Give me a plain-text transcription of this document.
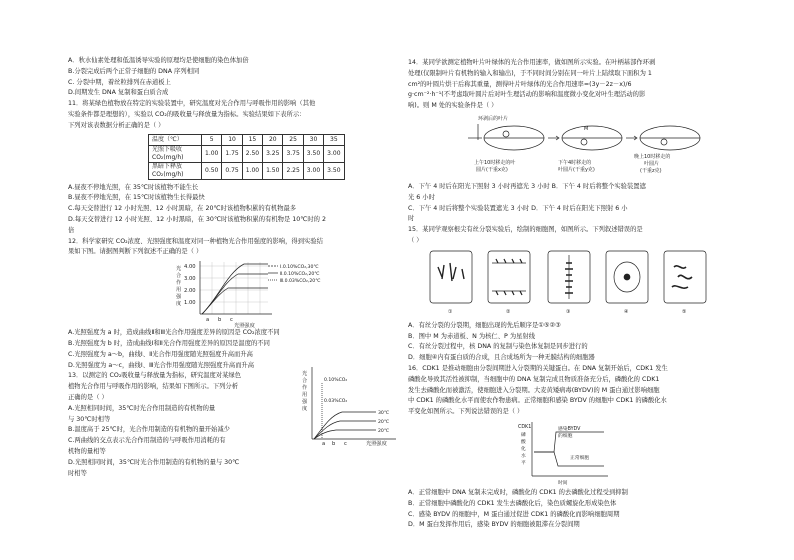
A．秋水仙素处理和低温诱导实验的原理均是使细胞的染色体加倍
B.分裂完成后两个正常子细胞的 DNA 序列相同
C. 分裂中期，着丝粒排列在赤道板上
D.间期发生 DNA 复制和蛋白质合成
11．将某绿色植物放在特定的实验装置中，研究温度对光合作用与呼吸作用的影响（其他
实验条件都是理想的），实验以 CO₂的吸收量与释放量为指标。实验结果如下表所示：
下列对该表数据分析正确的是（ ）
温度（℃）	5	10	15	20	25	30	35

光照下吸收
CO₂(mg/h)	1.00	1.75	2.50	3.25	3.75	3.50	3.00

黑暗下释放
CO₂(mg/h)	0.50	0.75	1.00	1.50	2.25	3.00	3.50
A.昼夜不停地光照，在 35℃时该植物不能生长
B.昼夜不停地光照，在 15℃时该植物生长得最快
C.每天交替进行 12 小时光照、12 小时黑暗，在 20℃时该植物积累的有机物最多
D.每天交替进行 12 小时光照、12 小时黑暗，在 30℃时该植物积累的有机物是 10℃时的 2
倍
12．科学家研究 CO₂浓度、光照强度和温度对同一种植物光合作用强度的影响，得到实验结
果如下图。请据图判断下列叙述不正确的是（ ）
光
合
作
用
强
度
4.00
3.00
2.00
1.00
a b c
光照强度
Ⅰ.0.10%CO₂,30℃
Ⅱ.0.10%CO₂,20℃
Ⅲ.0.03%CO₂,20℃
A.光照强度为 a 时，造成曲线Ⅱ和Ⅲ光合作用强度差异的原因是 CO₂浓度不同
B.光照强度为 b 时，造成曲线Ⅰ和Ⅱ光合作用强度差异的原因是温度的不同
C.光照强度为 a～b，曲线Ⅰ、Ⅱ光合作用强度随光照强度升高而升高
D.光照强度为 a～c，曲线Ⅰ、Ⅲ光合作用强度随光照强度升高而升高
13．以测定的 CO₂吸收量与释放量为指标，研究温度对某绿色
植物光合作用与呼吸作用的影响，结果如下图所示。下列分析
正确的是（ ）
A.光照相同时间，35℃时光合作用制造的有机物的量
与 30℃时相等
B.温度高于 25℃时，光合作用制造的有机物的量开始减少
C.两曲线的交点表示光合作用制造的与呼吸作用消耗的有
机物的量相等
D.光照相同时间，35℃时光合作用制造的有机物的量与 30℃
时相等
光
合
作
用
强
度
a b c	光照强度
0.10%CO₂
0.03%CO₂
30℃
20℃
20℃
14．某同学欲测定植物叶片叶绿体的光合作用速率，做如图所示实验。在叶柄基部作环剥
处理(仅限制叶片有机物的输入和输出)，于不同时间分别在同一叶片上陆续取下面积为 1
cm²的叶圆片烘干后称其重量，测得叶片叶绿体的光合作用速率=(3y－2z－x)/6
g·cm⁻²·h⁻¹(不考虑取叶圆片后对叶生理活动的影响和温度微小变化对叶生理活动的影
响)。则 M 处的实验条件是（ ）
环剥后的叶片
M
上午10时移走的叶
圆片(干重x克)
下午4时移走的
叶圆片(干重y克)
晚上10时移走的
叶圆片
(干重z克)
A．下午 4 时后在阳光下照射 3 小时再遮光 3 小时 B．下午 4 时后将整个实验装置遮
光 6 小时
C．下午 4 时后将整个实验装置遮光 3 小时 D．下午 4 时后在阳光下照射 6 小
时
15．某同学观察根尖有丝分裂实验后，绘制的细胞图，如图所示。下列叙述错误的是
（ ）
①	②	③	④	⑤
A．有丝分裂的分裂期，细胞出现的先后顺序是①⑤②③
B．图中 M 为赤道板、N 为核仁、P 为星射线
C．有丝分裂过程中，核 DNA 的复制与染色体复制是同步进行的
D．细胞④内有蛋白质的合成，且合成场所为一种无膜结构的细胞器
16．CDK1 是推动细胞由分裂间期进入分裂期的关键蛋白。在 DNA 复制开始后，CDK1 发生
磷酸化导致其活性被抑制，当细胞中的 DNA 复制完成且物质准备充分后，磷酸化的 CDK1
发生去磷酸化而被激活，使细胞进入分裂期。大麦黄矮病毒(BYDV)的 M 蛋白通过影响细胞
中 CDK1 的磷酸化水平而使农作物患病。正常细胞和感染 BYDV 的细胞中 CDK1 的磷酸化水
平变化如图所示。下列说法错误的是（ ）
CDK1
磷
酸
化
水
平
感染BYDV
的细胞
正常细胞
时间
A．正常细胞中 DNA 复制未完成时，磷酸化的 CDK1 的去磷酸化过程受到抑制
B．正常细胞中磷酸化的 CDK1 发生去磷酸化后，染色质螺旋化形成染色体
C．感染 BYDV 的细胞中，M 蛋白通过促进 CDK1 的磷酸化而影响细胞周期
D．M 蛋白发挥作用后，感染 BYDV 的细胞被阻滞在分裂间期
